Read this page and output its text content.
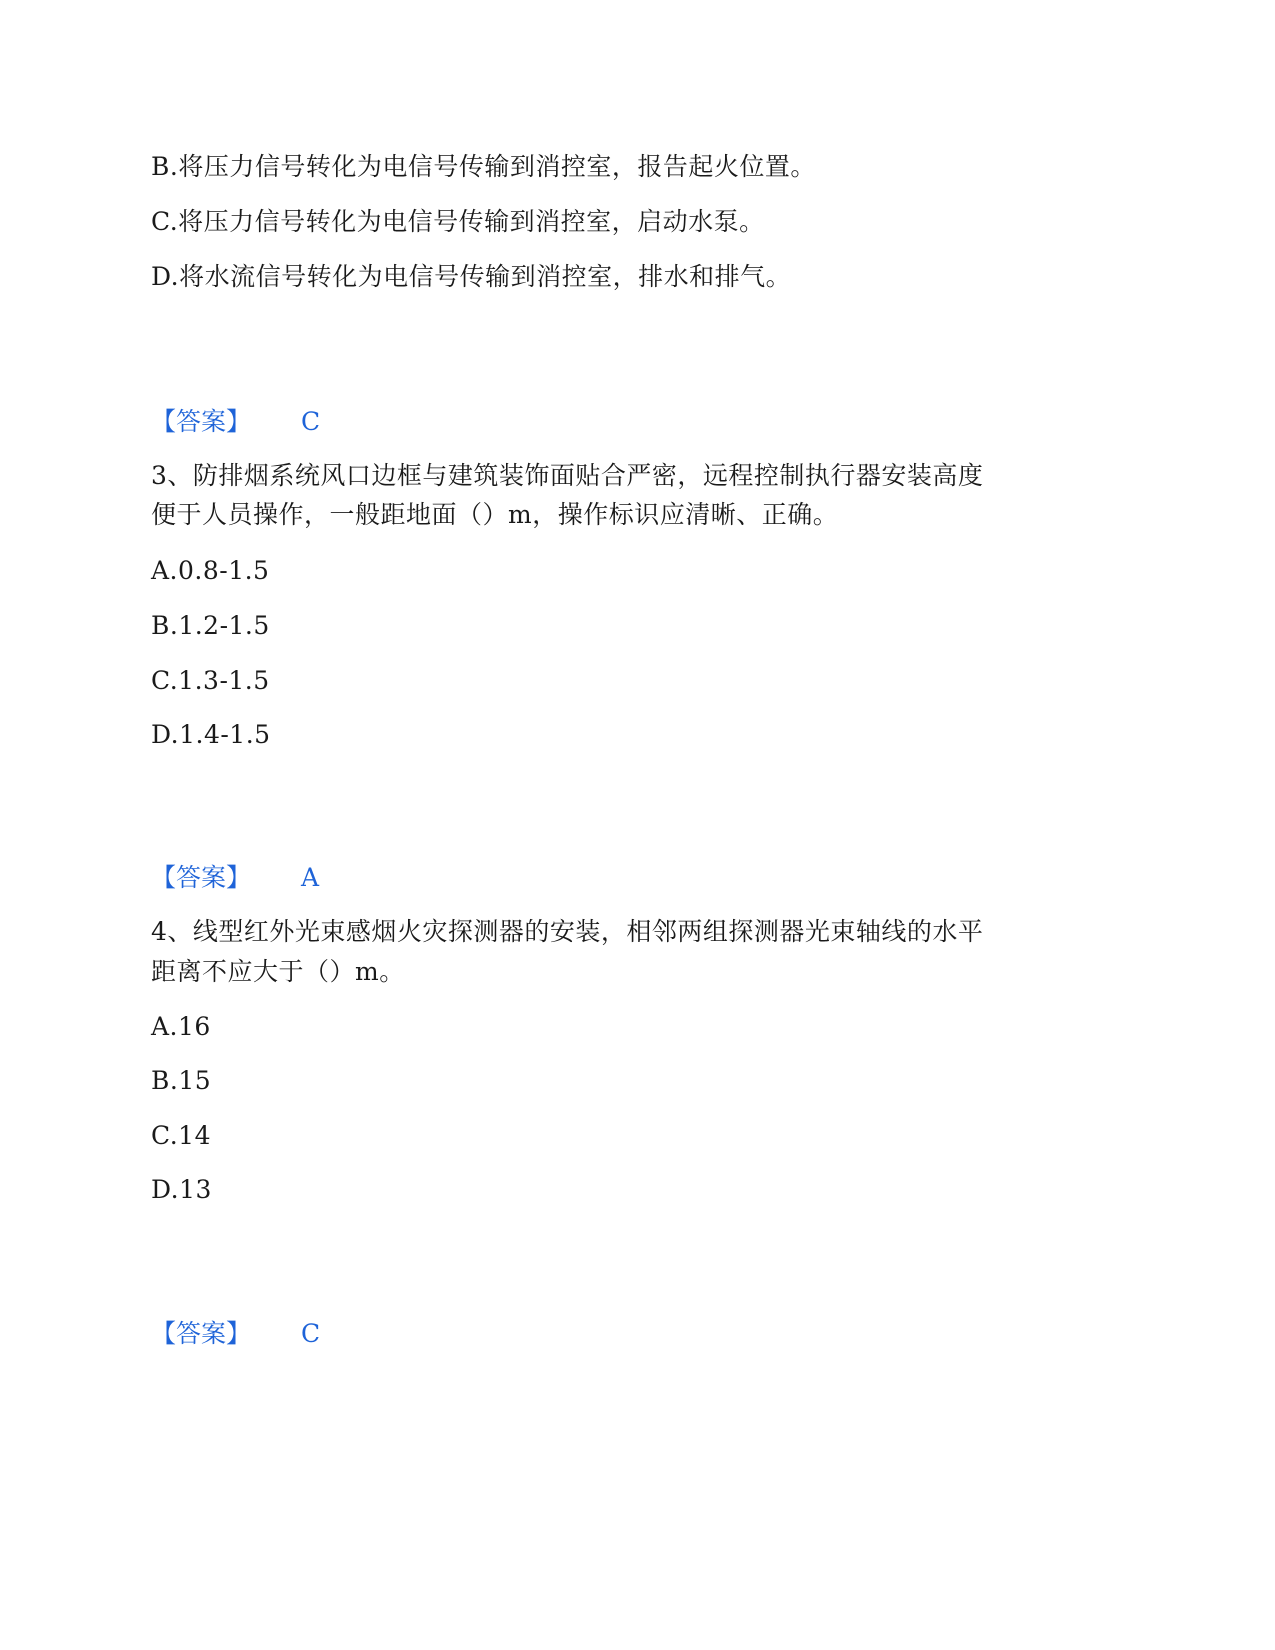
B.将压力信号转化为电信号传输到消控室，报告起火位置。
C.将压力信号转化为电信号传输到消控室，启动水泵。
D.将水流信号转化为电信号传输到消控室，排水和排气。
【答案】 C
3、防排烟系统风口边框与建筑装饰面贴合严密，远程控制执行器安装高度
便于人员操作，一般距地面（）m，操作标识应清晰、正确。
A.0.8-1.5
B.1.2-1.5
C.1.3-1.5
D.1.4-1.5
【答案】 A
4、线型红外光束感烟火灾探测器的安装，相邻两组探测器光束轴线的水平
距离不应大于（）m。
A.16
B.15
C.14
D.13
【答案】 C
